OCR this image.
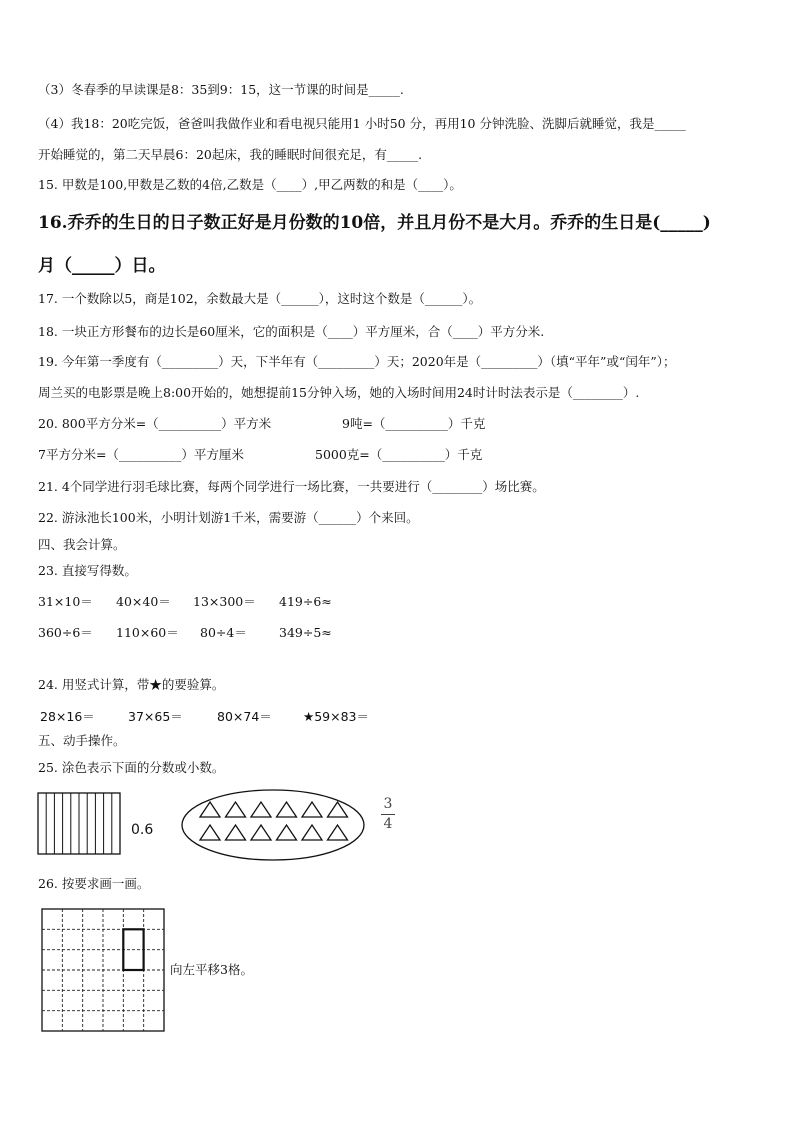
（3）冬春季的早读课是8：35到9：15，这一节课的时间是_____.
（4）我18：20吃完饭，爸爸叫我做作业和看电视只能用1 小时50 分，再用10 分钟洗脸、洗脚后就睡觉，我是_____
开始睡觉的，第二天早晨6：20起床，我的睡眠时间很充足，有_____.
15. 甲数是100,甲数是乙数的4倍,乙数是（____）,甲乙两数的和是（____）。
16.乔乔的生日的日子数正好是月份数的10倍，并且月份不是大月。乔乔的生日是(_____)
月（_____）日。
17. 一个数除以5，商是102，余数最大是（______），这时这个数是（______）。
18. 一块正方形餐布的边长是60厘米，它的面积是（____）平方厘米，合（____）平方分米.
19. 今年第一季度有（_________）天，下半年有（_________）天；2020年是（_________）（填“平年”或“闰年”）；
周兰买的电影票是晚上8:00开始的，她想提前15分钟入场，她的入场时间用24时计时法表示是（________）.
20. 800平方分米=（__________）平方米	9吨=（__________）千克
7平方分米=（__________）平方厘米	5000克=（__________）千克
21. 4个同学进行羽毛球比赛，每两个同学进行一场比赛，一共要进行（________）场比赛。
22. 游泳池长100米，小明计划游1千米，需要游（______）个来回。
四、我会计算。
23. 直接写得数。
31×10＝ 40×40＝ 13×300＝ 419÷6≈
360÷6＝ 110×60＝ 80÷4＝	349÷5≈
24. 用竖式计算，带★的要验算。
28×16＝	37×65＝	80×74＝ ★59×83＝
五、动手操作。
25. 涂色表示下面的分数或小数。
0.6
3
4
26. 按要求画一画。
向左平移3格。
